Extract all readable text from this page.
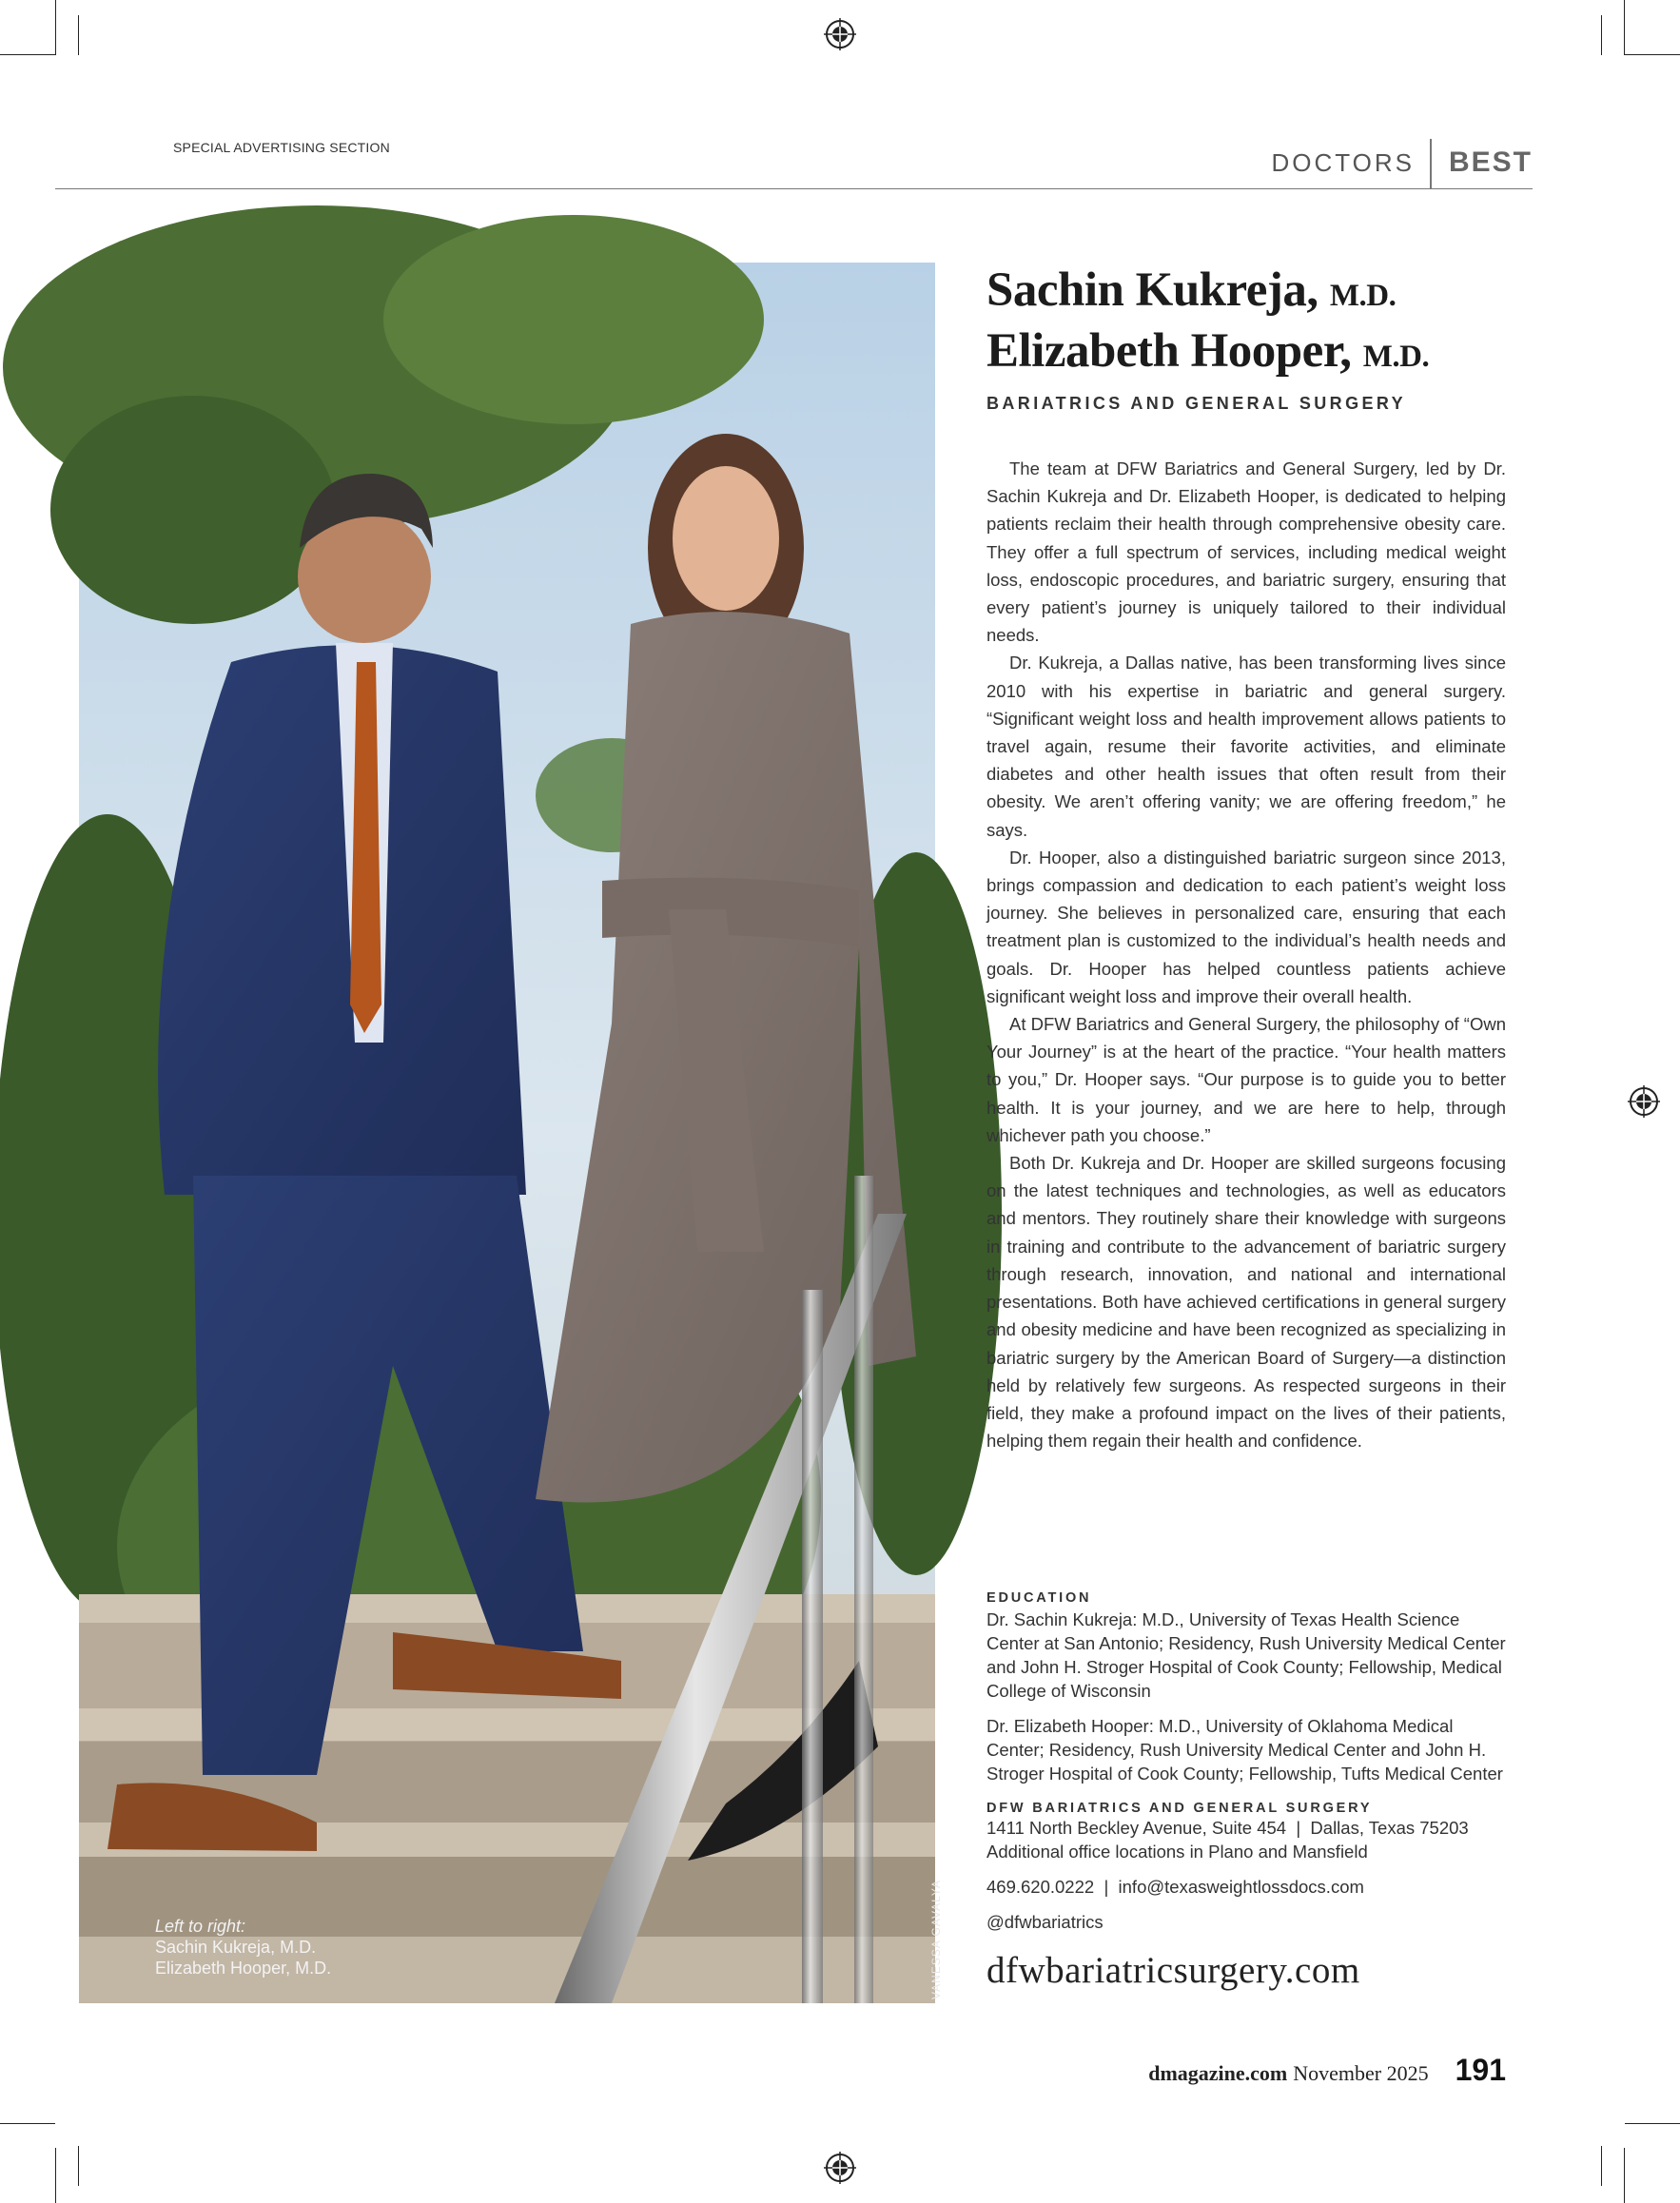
SPECIAL ADVERTISING SECTION
DOCTORS	BEST
Left to right:
Sachin Kukreja, M.D.
Elizabeth Hooper, M.D.	VANESSA GAVALYA
Sachin Kukreja, M.D.
Elizabeth Hooper, M.D.
BARIATRICS AND GENERAL SURGERY

The team at DFW Bariatrics and General Surgery, led by Dr. Sachin Kukreja and Dr. Elizabeth Hooper, is dedicated to helping patients reclaim their health through comprehensive obesity care. They offer a full spectrum of services, including medical weight loss, endoscopic procedures, and bariatric surgery, ensuring that every patient’s journey is uniquely tailored to their individual needs.

Dr. Kukreja, a Dallas native, has been transforming lives since 2010 with his expertise in bariatric and general surgery. “Significant weight loss and health improvement allows patients to travel again, resume their favorite activities, and eliminate diabetes and other health issues that often result from their obesity. We aren’t offering vanity; we are offering freedom,” he says.

Dr. Hooper, also a distinguished bariatric surgeon since 2013, brings compassion and dedication to each patient’s weight loss journey. She believes in personalized care, ensuring that each treatment plan is customized to the individual’s health needs and goals. Dr. Hooper has helped countless patients achieve significant weight loss and improve their overall health.

At DFW Bariatrics and General Surgery, the philosophy of “Own Your Journey” is at the heart of the practice. “Your health matters to you,” Dr. Hooper says. “Our purpose is to guide you to better health. It is your journey, and we are here to help, through whichever path you choose.”

Both Dr. Kukreja and Dr. Hooper are skilled surgeons focusing on the latest techniques and technologies, as well as educators and mentors. They routinely share their knowledge with surgeons in training and contribute to the advancement of bariatric surgery through research, innovation, and national and international presentations. Both have achieved certifications in general surgery and obesity medicine and have been recognized as specializing in bariatric surgery by the American Board of Surgery—a distinction held by relatively few surgeons. As respected surgeons in their field, they make a profound impact on the lives of their patients, helping them regain their health and confidence.

EDUCATION
Dr. Sachin Kukreja: M.D., University of Texas Health Science Center at San Antonio; Residency, Rush University Medical Center and John H. Stroger Hospital of Cook County; Fellowship, Medical College of Wisconsin
Dr. Elizabeth Hooper: M.D., University of Oklahoma Medical Center; Residency, Rush University Medical Center and John H. Stroger Hospital of Cook County; Fellowship, Tufts Medical Center
DFW BARIATRICS AND GENERAL SURGERY
1411 North Beckley Avenue, Suite 454  |  Dallas, Texas 75203
Additional office locations in Plano and Mansfield
469.620.0222  |  info@texasweightlossdocs.com
@dfwbariatrics
dfwbariatricsurgery.com
dmagazine.com November 2025 191
